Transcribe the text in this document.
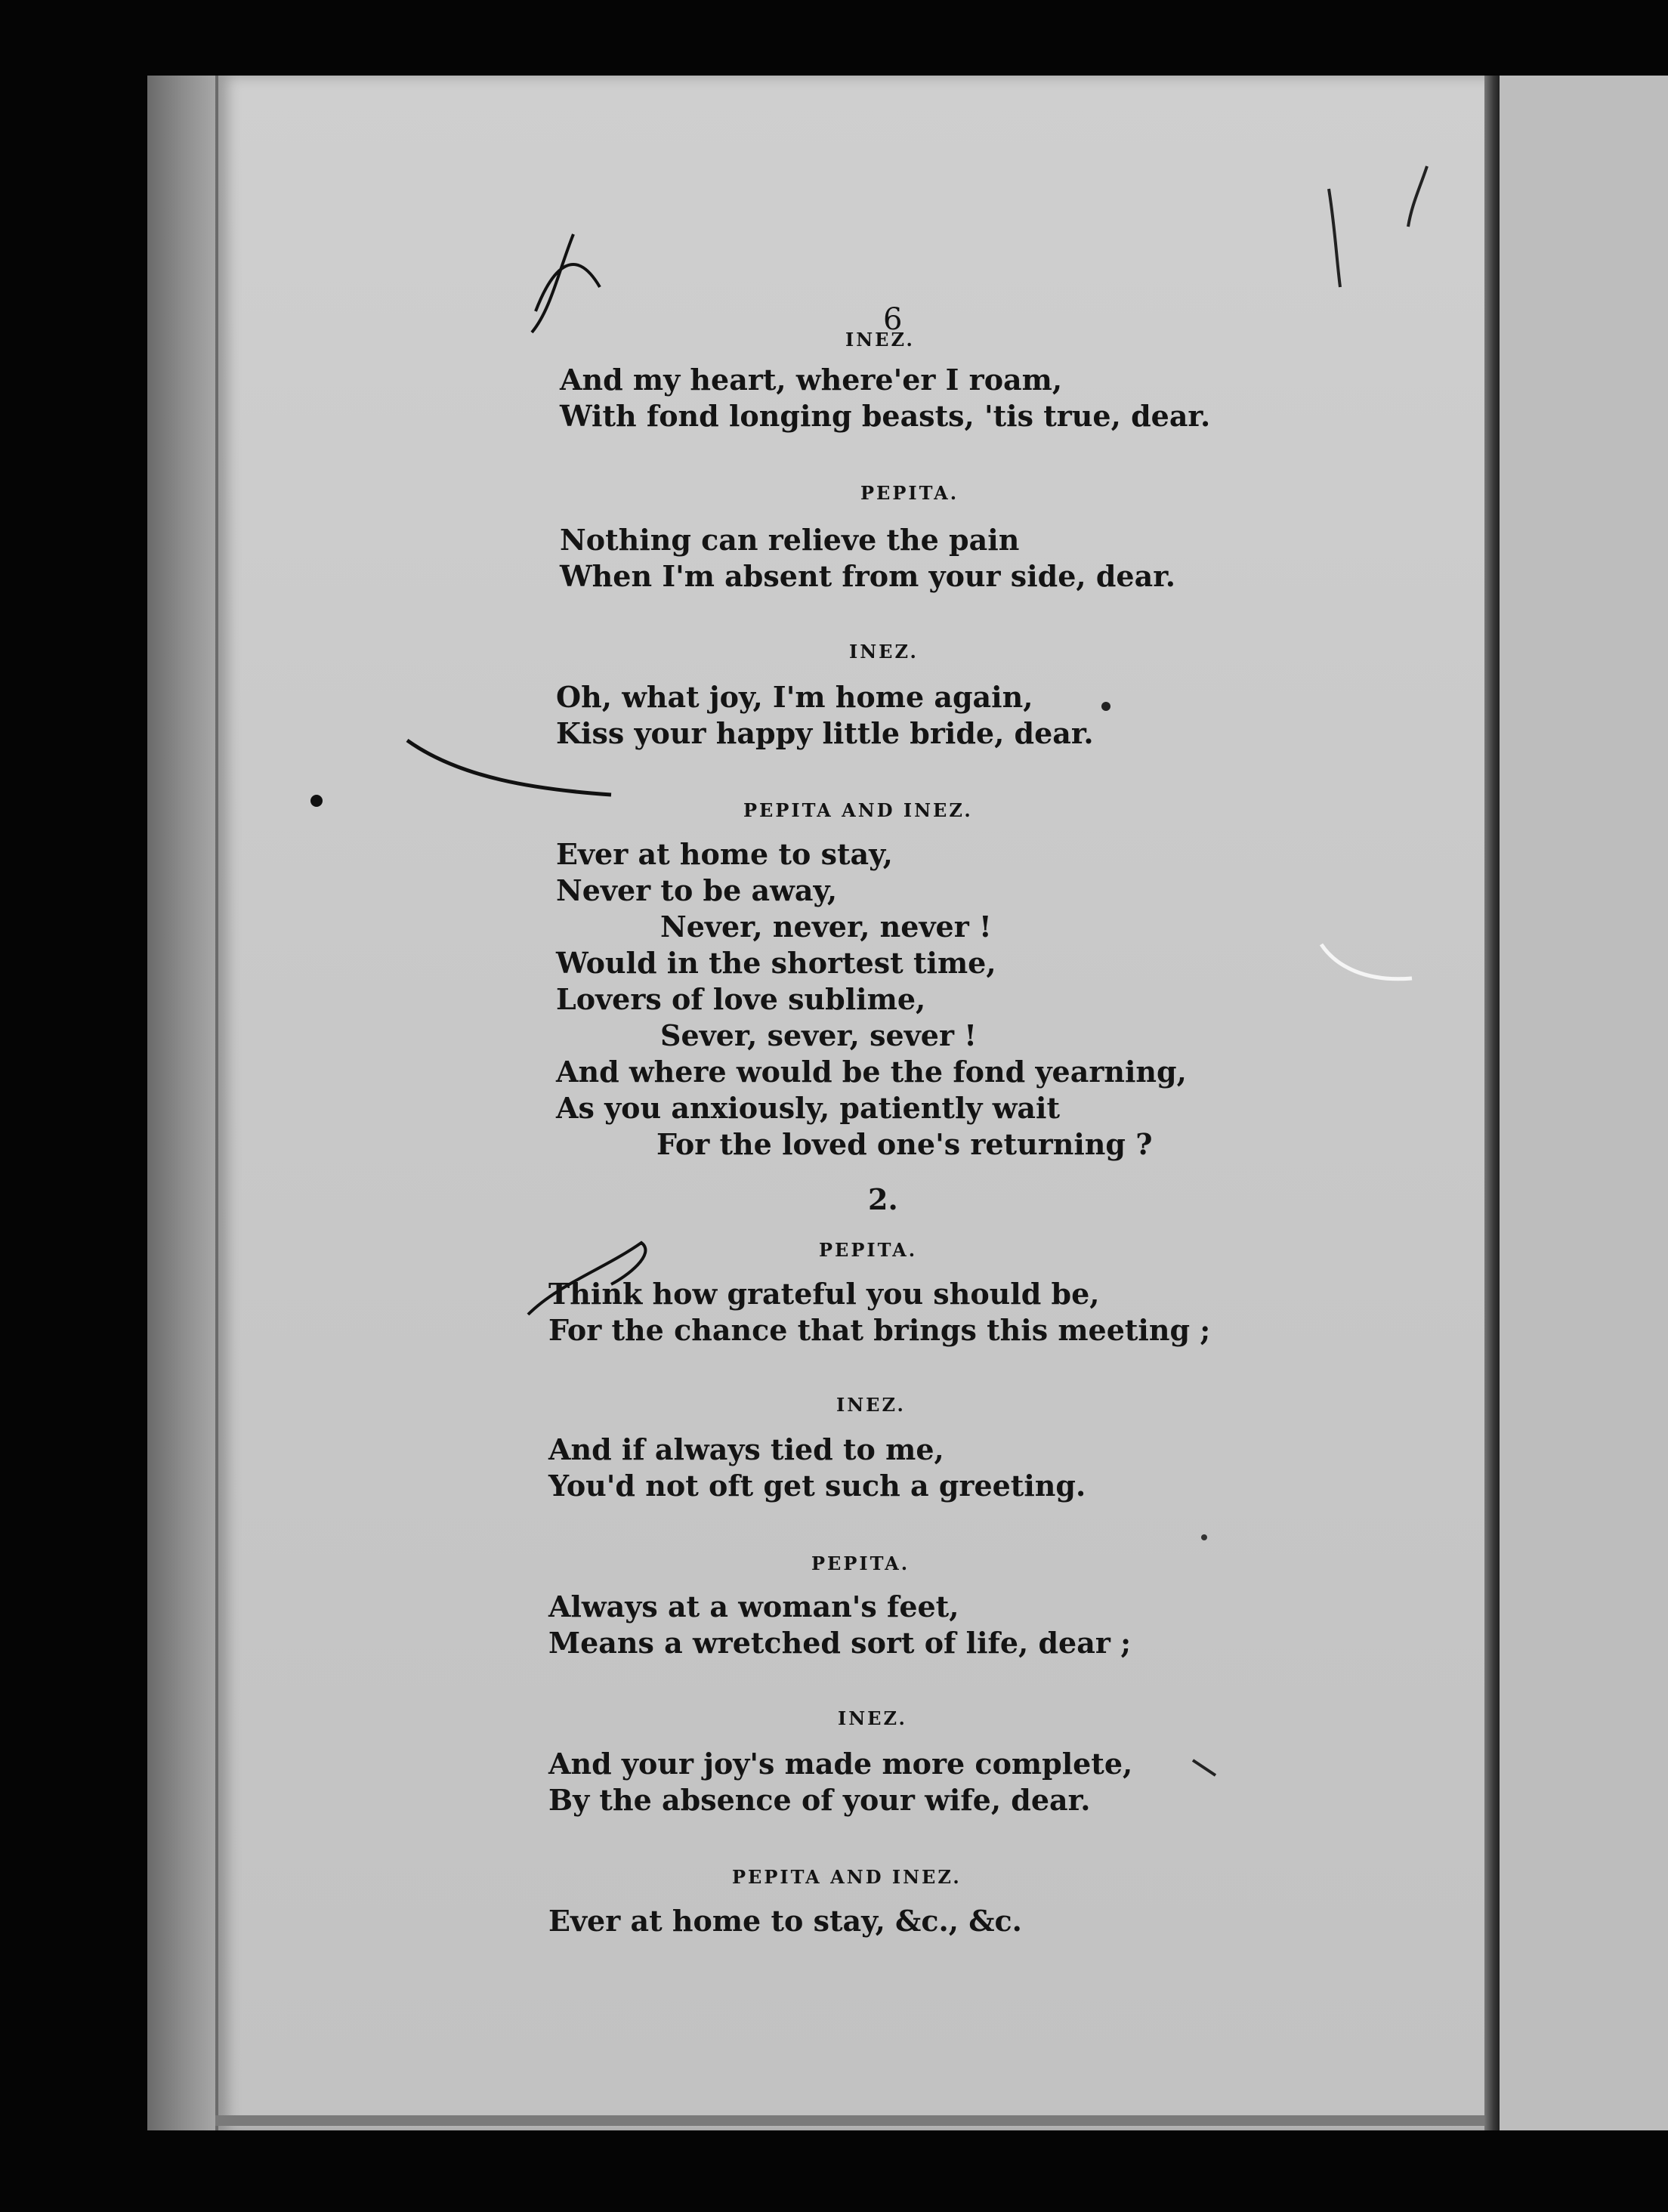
6
INEZ.
And my heart, where'er I roam,
With fond longing beasts, 'tis true, dear.
PEPITA.
Nothing can relieve the pain
When I'm absent from your side, dear.
INEZ.
Oh, what joy, I'm home again,
Kiss your happy little bride, dear.
PEPITA AND INEZ.
Ever at home to stay,
Never to be away,
Never, never, never !
Would in the shortest time,
Lovers of love sublime,
Sever, sever, sever !
And where would be the fond yearning,
As you anxiously, patiently wait
For the loved one's returning ?
2.
PEPITA.
Think how grateful you should be,
For the chance that brings this meeting ;
INEZ.
And if always tied to me,
You'd not oft get such a greeting.
PEPITA.
Always at a woman's feet,
Means a wretched sort of life, dear ;
INEZ.
And your joy's made more complete,
By the absence of your wife, dear.
PEPITA AND INEZ.
Ever at home to stay, &c., &c.
